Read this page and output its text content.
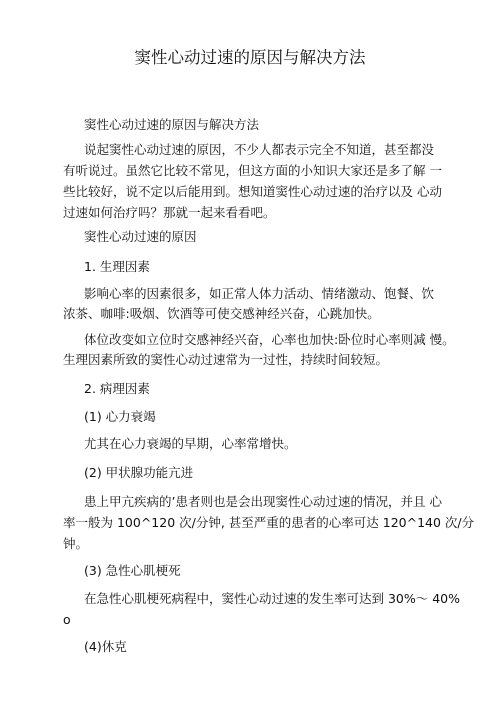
窦性心动过速的原因与解决方法
窦性心动过速的原因与解决方法
说起窦性心动过速的原因，不少人都表示完全不知道，甚至都没
有听说过。虽然它比较不常见，但这方面的小知识大家还是多了解 一
些比较好，说不定以后能用到。想知道窦性心动过速的治疗以及 心动
过速如何治疗吗？那就一起来看看吧。
窦性心动过速的原因
1. 生理因素
影响心率的因素很多，如正常人体力活动、情绪激动、饱餐、饮
浓茶、咖啡:吸烟、饮酒等可使交感神经兴奋，心跳加快。
体位改变如立位时交感神经兴奋，心率也加快:卧位时心率则减 慢。
生理因素所致的窦性心动过速常为一过性，持续时间较短。
2. 病理因素
(1) 心力衰竭
尤其在心力衰竭的早期，心率常增快。
(2) 甲状腺功能亢进
患上甲亢疾病的’患者则也是会出现窦性心动过速的情况，并且 心
率一般为 100^120 次/分钟, 甚至严重的患者的心率可达 120^140 次/分
钟。
(3) 急性心肌梗死
在急性心肌梗死病程中，窦性心动过速的发生率可达到 30%〜 40%
o
(4)休克
